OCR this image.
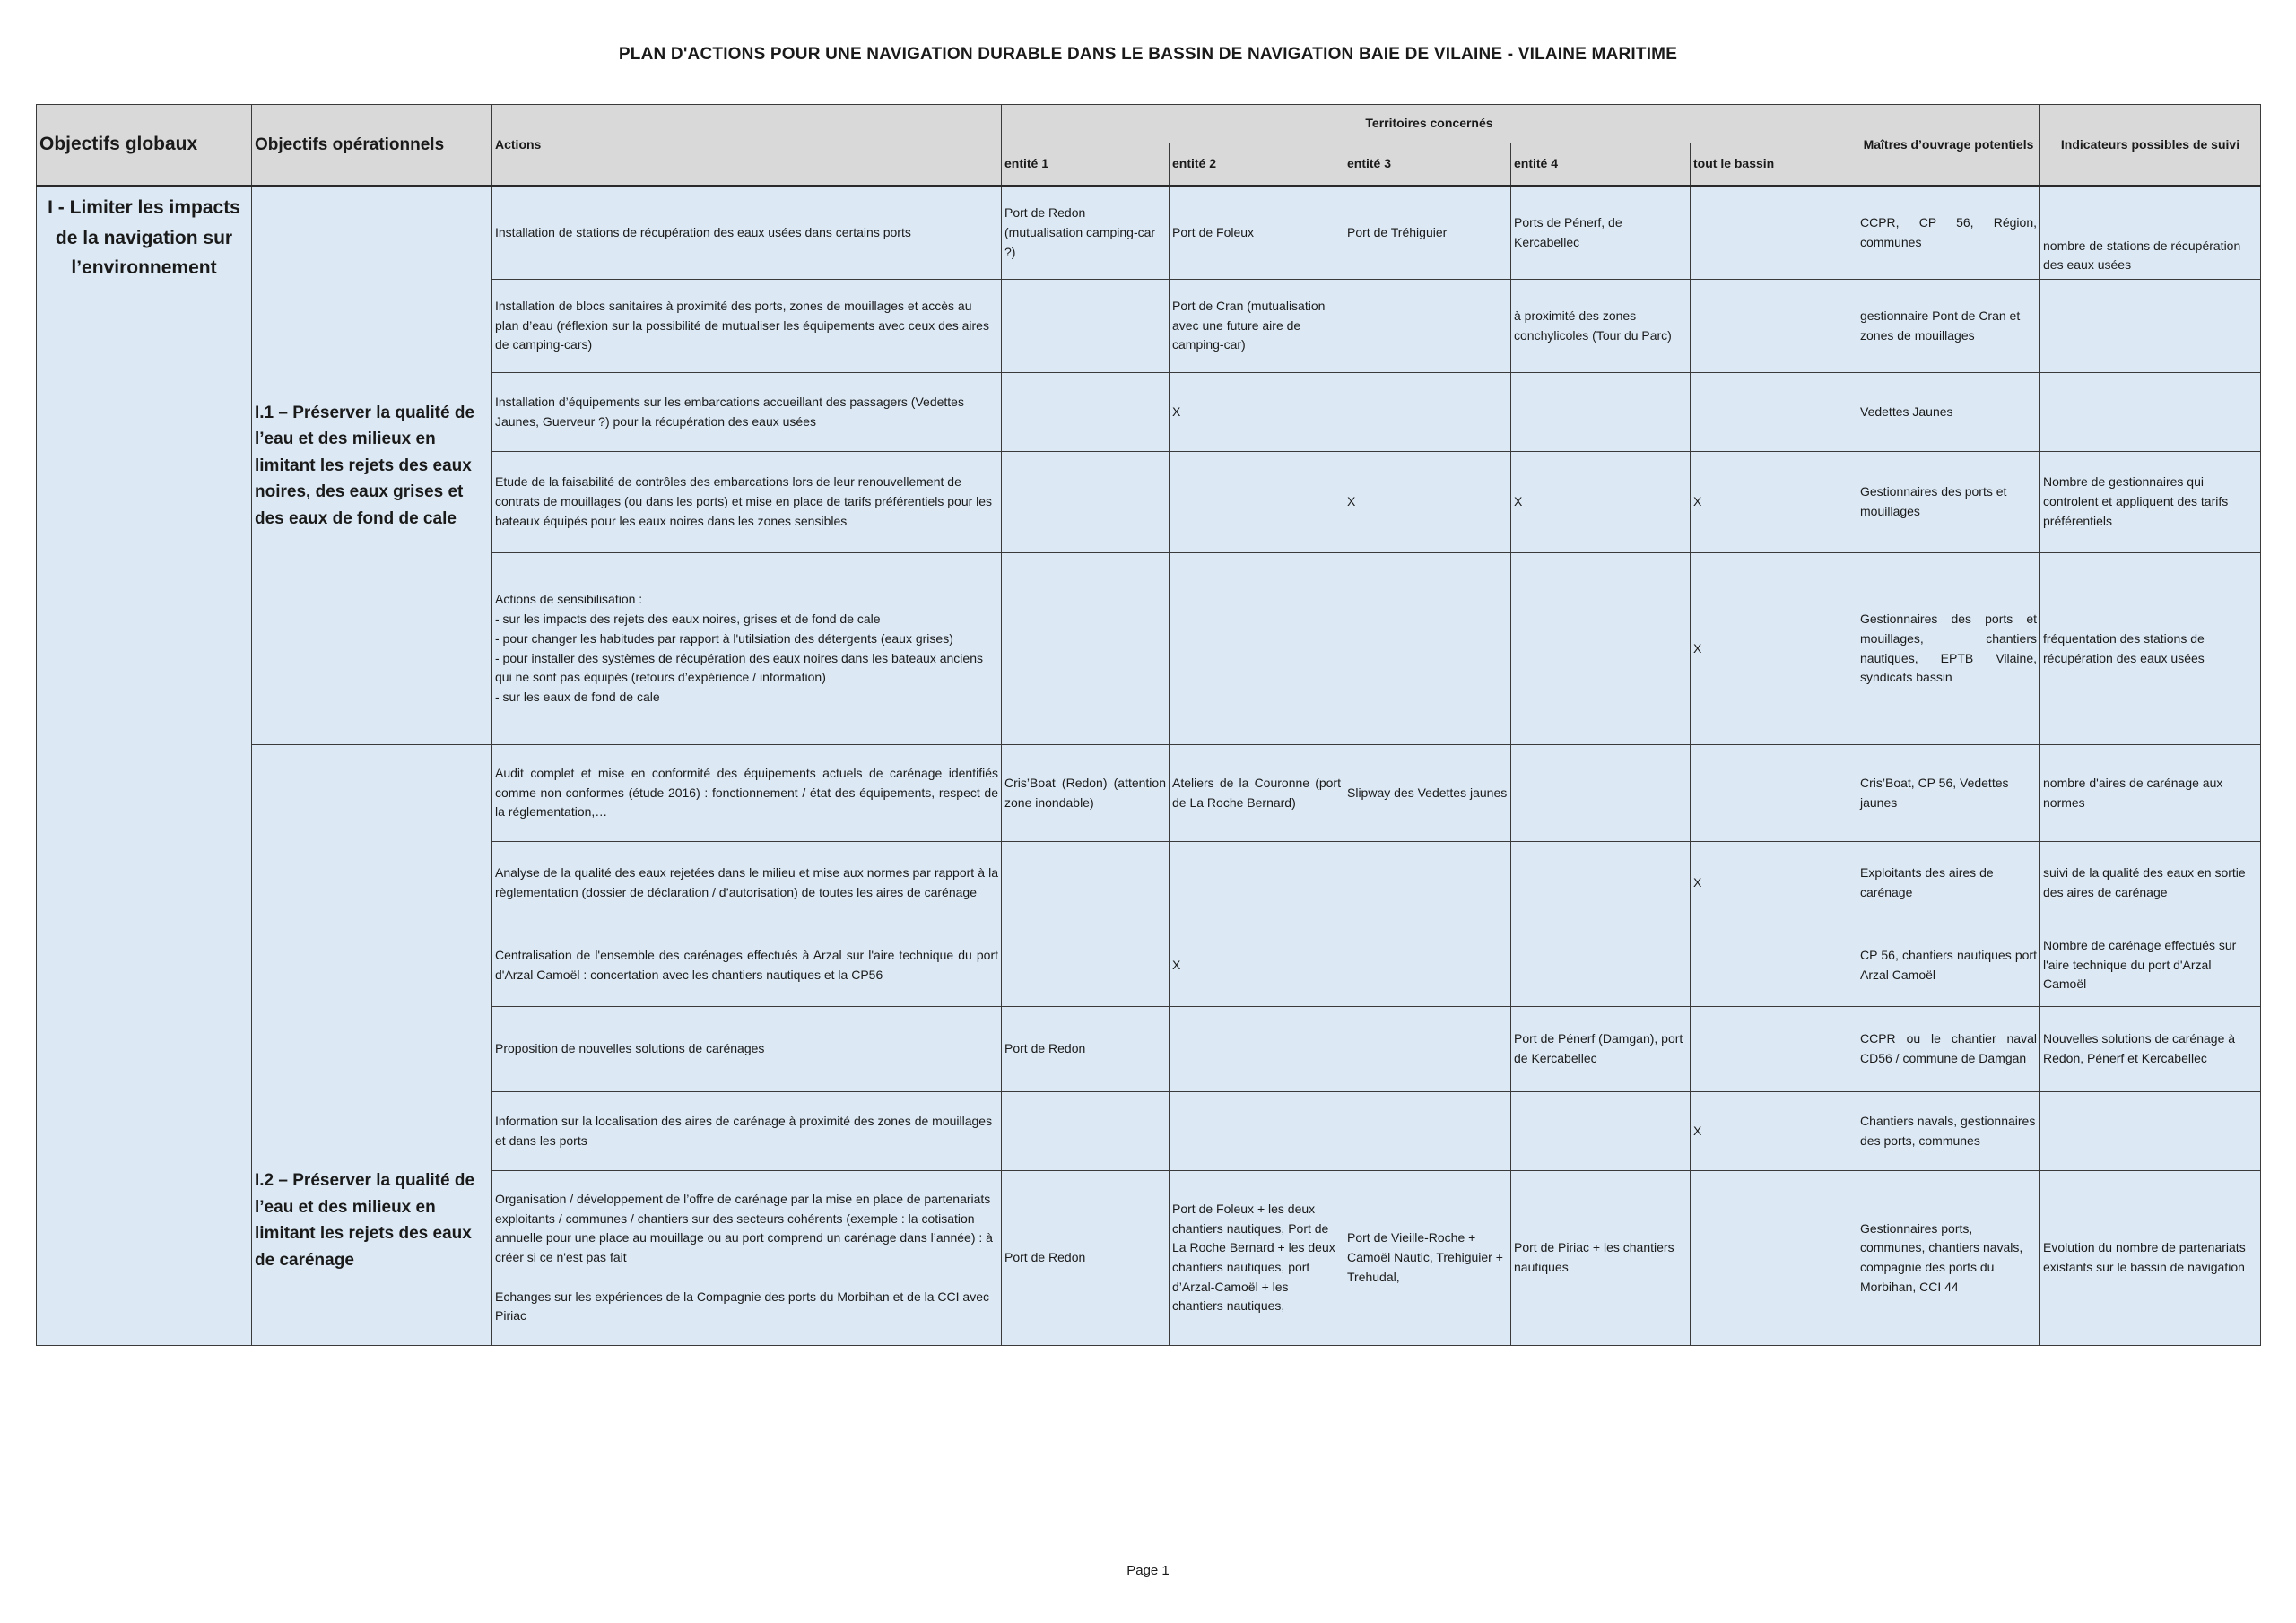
PLAN D'ACTIONS POUR UNE NAVIGATION DURABLE DANS LE BASSIN DE NAVIGATION BAIE DE VILAINE - VILAINE MARITIME
Objectifs globaux	Objectifs opérationnels	Actions	Territoires concernés					Maîtres d’ouvrage potentiels	Indicateurs possibles de suivi
			entité 1	entité 2	entité 3	entité 4	tout le bassin		
I - Limiter les impacts de la navigation sur l’environnement	I.1 – Préserver la qualité de l’eau et des milieux en limitant les rejets des eaux noires, des eaux grises et des eaux de fond de cale	Installation de stations de récupération des eaux usées dans certains ports	Port de Redon (mutualisation camping-car ?)	Port de Foleux	Port de Tréhiguier	Ports de Pénerf, de Kercabellec		CCPR, CP 56, Région, communes	nombre de stations de récupération des eaux usées
		Installation de blocs sanitaires à proximité des ports, zones de mouillages et accès au plan d’eau (réflexion sur la possibilité de mutualiser les équipements avec ceux des aires de camping-cars)		Port de Cran (mutualisation avec une future aire de camping-car)		à proximité des zones conchylicoles (Tour du Parc)		gestionnaire Pont de Cran et zones de mouillages	
		Installation d’équipements sur les embarcations accueillant des passagers (Vedettes Jaunes, Guerveur ?) pour la récupération des eaux usées		X				Vedettes Jaunes	
		Etude de la faisabilité de contrôles des embarcations lors de leur renouvellement de contrats de mouillages (ou dans les ports) et mise en place de tarifs préférentiels pour les bateaux équipés pour les eaux noires dans les zones sensibles			X	X	X	Gestionnaires des ports et mouillages	Nombre de gestionnaires qui controlent et appliquent des tarifs préférentiels
		Actions de sensibilisation :
- sur les impacts des rejets des eaux noires, grises et de fond de cale
- pour changer les habitudes par rapport à l'utilsiation des détergents (eaux grises)
- pour installer des systèmes de récupération des eaux noires dans les bateaux anciens qui ne sont pas équipés (retours d’expérience / information)
- sur les eaux de fond de cale					X	Gestionnaires des ports et mouillages, chantiers nautiques, EPTB Vilaine, syndicats bassin	fréquentation des stations de récupération des eaux usées
	I.2 – Préserver la qualité de l’eau et des milieux en limitant les rejets des eaux de carénage	Audit complet et mise en conformité des équipements actuels de carénage identifiés comme non conformes (étude 2016) : fonctionnement / état des équipements, respect de la réglementation,…	Cris’Boat (Redon) (attention zone inondable)	Ateliers de la Couronne (port de La Roche Bernard)	Slipway des Vedettes jaunes			Cris’Boat, CP 56, Vedettes jaunes	nombre d'aires de carénage aux normes
		Analyse de la qualité des eaux rejetées dans le milieu et mise aux normes par rapport à la règlementation (dossier de déclaration / d’autorisation) de toutes les aires de carénage					X	Exploitants des aires de carénage	suivi de la qualité des eaux en sortie des aires de carénage
		Centralisation de l'ensemble des carénages effectués à Arzal sur l'aire technique du port d'Arzal Camoël : concertation avec les chantiers nautiques et la CP56		X				CP 56, chantiers nautiques port Arzal Camoël	Nombre de carénage effectués sur l'aire technique du port d'Arzal Camoël
		Proposition de nouvelles solutions de carénages	Port de Redon			Port de Pénerf (Damgan), port de Kercabellec		CCPR ou le chantier naval CD56 / commune de Damgan	Nouvelles solutions de carénage à Redon, Pénerf et Kercabellec
		Information sur la localisation des aires de carénage à proximité des zones de mouillages et dans les ports					X	Chantiers navals, gestionnaires des ports, communes	
		Organisation / développement de l’offre de carénage par la mise en place de partenariats exploitants / communes / chantiers sur des secteurs cohérents (exemple : la cotisation annuelle pour une place au mouillage ou au port comprend un carénage dans l’année) : à créer si ce n'est pas fait

Echanges sur les expériences de la Compagnie des ports du Morbihan et de la CCI avec Piriac	Port de Redon	Port de Foleux + les deux chantiers nautiques, Port de La Roche Bernard + les deux chantiers nautiques, port d’Arzal-Camoël + les chantiers nautiques,	Port de Vieille-Roche + Camoël Nautic, Trehiguier + Trehudal,	Port de Piriac + les chantiers nautiques		Gestionnaires ports, communes, chantiers navals, compagnie des ports du Morbihan, CCI 44	Evolution du nombre de partenariats existants sur le bassin de navigation
Page 1
